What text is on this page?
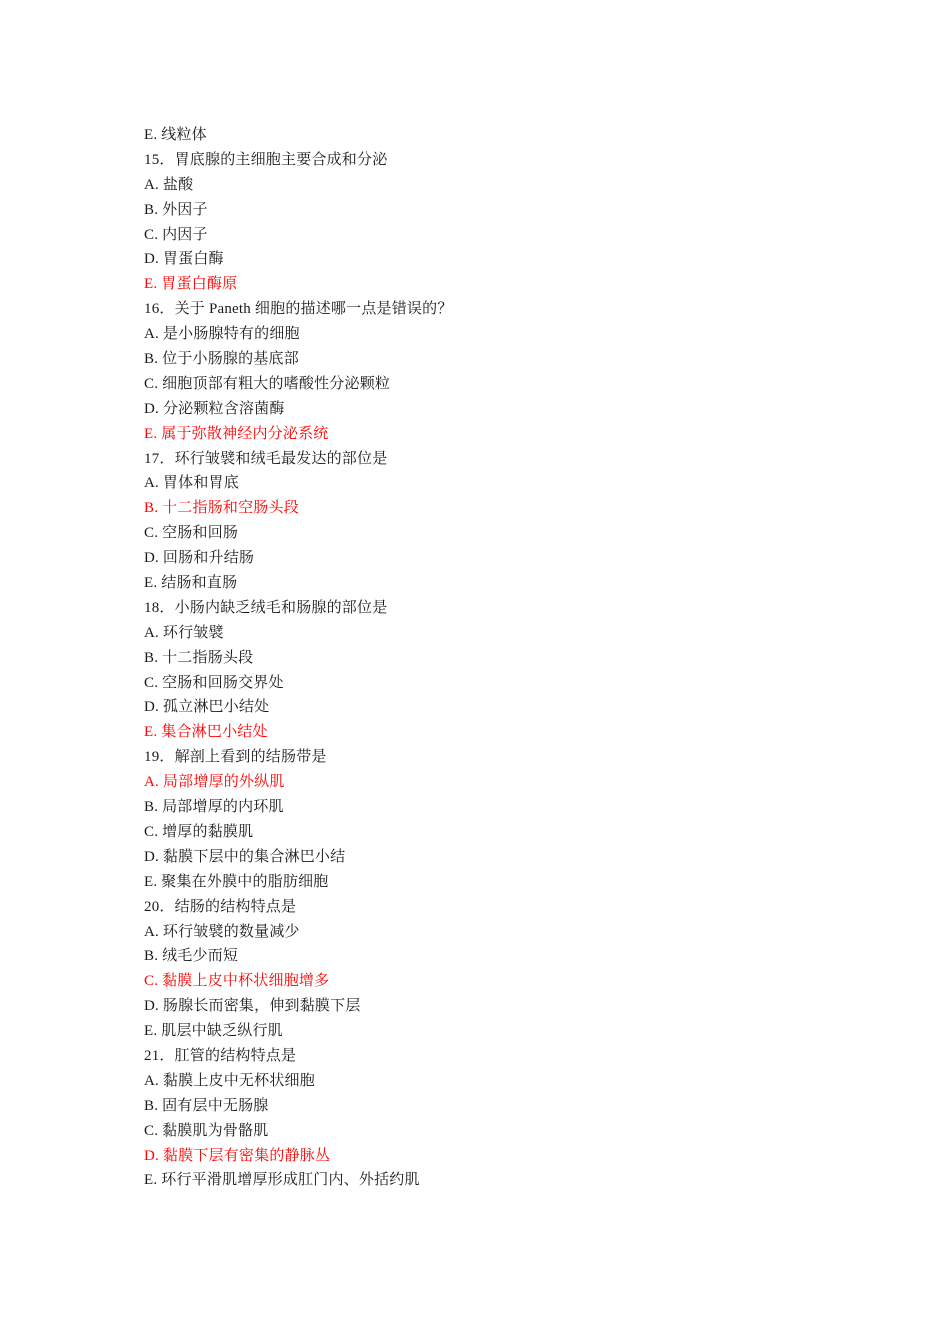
E. 线粒体
15．胃底腺的主细胞主要合成和分泌
A. 盐酸
B. 外因子
C. 内因子
D. 胃蛋白酶
E. 胃蛋白酶原
16．关于 Paneth 细胞的描述哪一点是错误的？
A. 是小肠腺特有的细胞
B. 位于小肠腺的基底部
C. 细胞顶部有粗大的嗜酸性分泌颗粒
D. 分泌颗粒含溶菌酶
E. 属于弥散神经内分泌系统
17．环行皱襞和绒毛最发达的部位是
A. 胃体和胃底
B. 十二指肠和空肠头段
C. 空肠和回肠
D. 回肠和升结肠
E. 结肠和直肠
18．小肠内缺乏绒毛和肠腺的部位是
A. 环行皱襞
B. 十二指肠头段
C. 空肠和回肠交界处
D. 孤立淋巴小结处
E. 集合淋巴小结处
19．解剖上看到的结肠带是
A. 局部增厚的外纵肌
B. 局部增厚的内环肌
C. 增厚的黏膜肌
D. 黏膜下层中的集合淋巴小结
E. 聚集在外膜中的脂肪细胞
20．结肠的结构特点是
A. 环行皱襞的数量减少
B. 绒毛少而短
C. 黏膜上皮中杯状细胞增多
D. 肠腺长而密集，伸到黏膜下层
E. 肌层中缺乏纵行肌
21．肛管的结构特点是
A. 黏膜上皮中无杯状细胞
B. 固有层中无肠腺
C. 黏膜肌为骨骼肌
D. 黏膜下层有密集的静脉丛
E. 环行平滑肌增厚形成肛门内、外括约肌
